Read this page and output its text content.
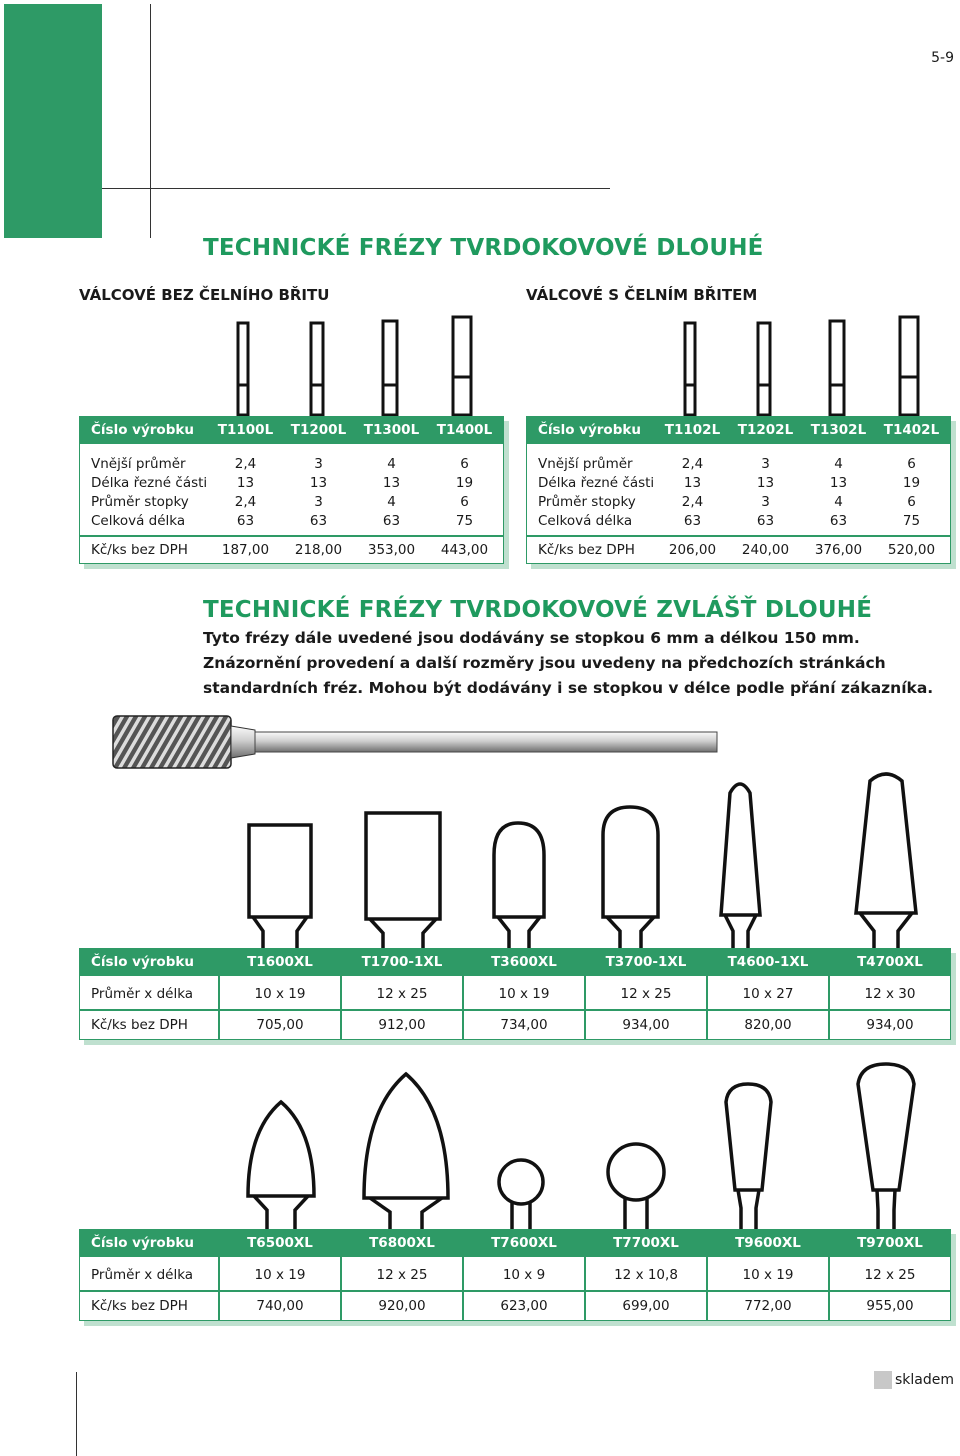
5-9
TECHNICKÉ FRÉZY TVRDOKOVOVÉ DLOUHÉ
VÁLCOVÉ BEZ ČELNÍHO BŘITU	VÁLCOVÉ S ČELNÍM BŘITEM
Číslo výrobku	T1100L	T1200L	T1300L	T1400L
Vnější průměr	2,4	3	4	6
Délka řezné části	13	13	13	19
Průměr stopky	2,4	3	4	6
Celková délka	63	63	63	75
Kč/ks bez DPH	187,00	218,00	353,00	443,00
Číslo výrobku	T1102L	T1202L	T1302L	T1402L
Vnější průměr	2,4	3	4	6
Délka řezné části	13	13	13	19
Průměr stopky	2,4	3	4	6
Celková délka	63	63	63	75
Kč/ks bez DPH	206,00	240,00	376,00	520,00
TECHNICKÉ FRÉZY TVRDOKOVOVÉ ZVLÁŠŤ DLOUHÉ
Tyto frézy dále uvedené jsou dodávány se stopkou 6 mm a délkou 150 mm.
Znázornění provedení a další rozměry jsou uvedeny na předchozích stránkách
standardních fréz. Mohou být dodávány i se stopkou v délce podle přání zákazníka.
Číslo výrobku	T1600XL	T1700-1XL	T3600XL	T3700-1XL	T4600-1XL	T4700XL
Průměr x délka	10 x 19	12 x 25	10 x 19	12 x 25	10 x 27	12 x 30
Kč/ks bez DPH	705,00	912,00	734,00	934,00	820,00	934,00
Číslo výrobku	T6500XL	T6800XL	T7600XL	T7700XL	T9600XL	T9700XL
Průměr x délka	10 x 19	12 x 25	10 x 9	12 x 10,8	10 x 19	12 x 25
Kč/ks bez DPH	740,00	920,00	623,00	699,00	772,00	955,00
skladem
